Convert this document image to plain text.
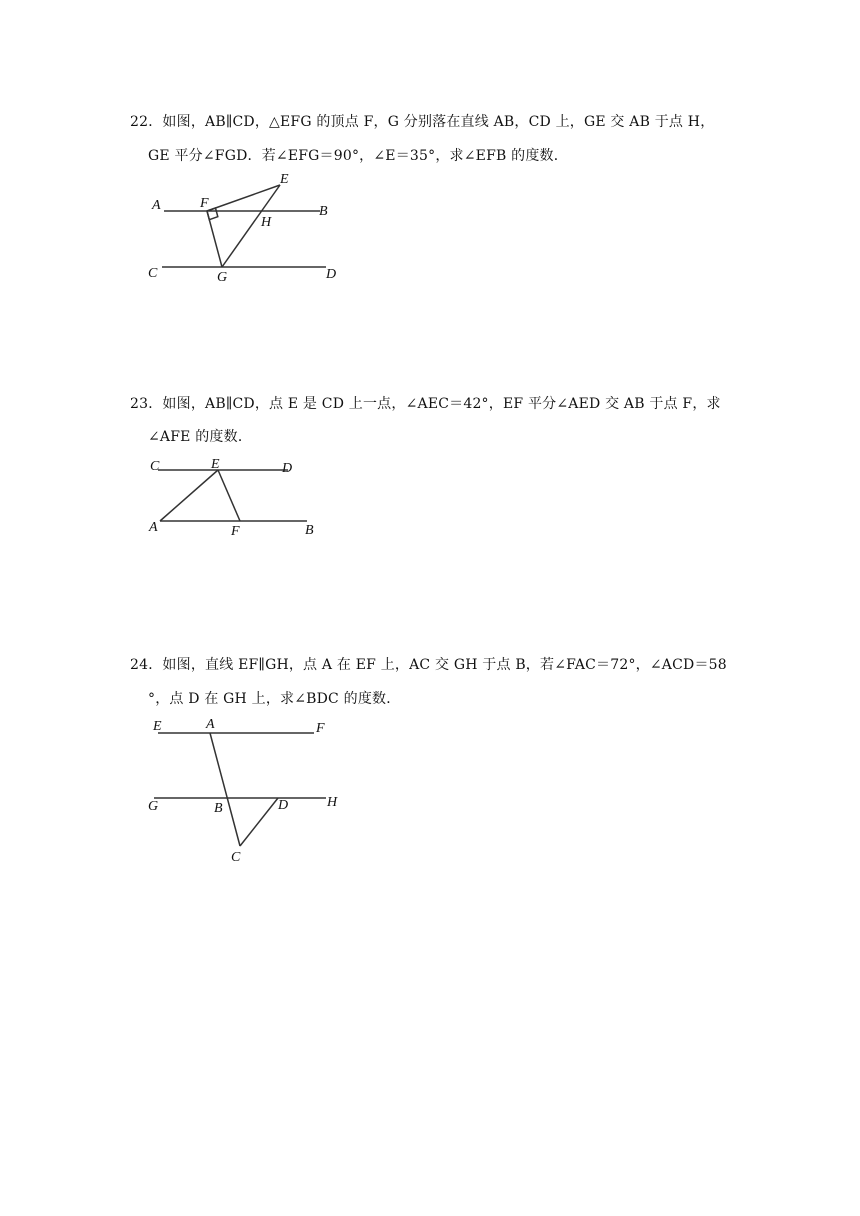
22．如图，AB∥CD，△EFG 的顶点 F，G 分别落在直线 AB，CD 上，GE 交 AB 于点 H，
GE 平分∠FGD．若∠EFG＝90°，∠E＝35°，求∠EFB 的度数．
A	B
C	D
E
F
G
H
23．如图，AB∥CD，点 E 是 CD 上一点，∠AEC＝42°，EF 平分∠AED 交 AB 于点 F，求
∠AFE 的度数．
C	E	D
A	F	B
24．如图，直线 EF∥GH，点 A 在 EF 上，AC 交 GH 于点 B，若∠FAC＝72°，∠ACD＝58
°，点 D 在 GH 上，求∠BDC 的度数．
E	A	F
G	B	D	H
C
